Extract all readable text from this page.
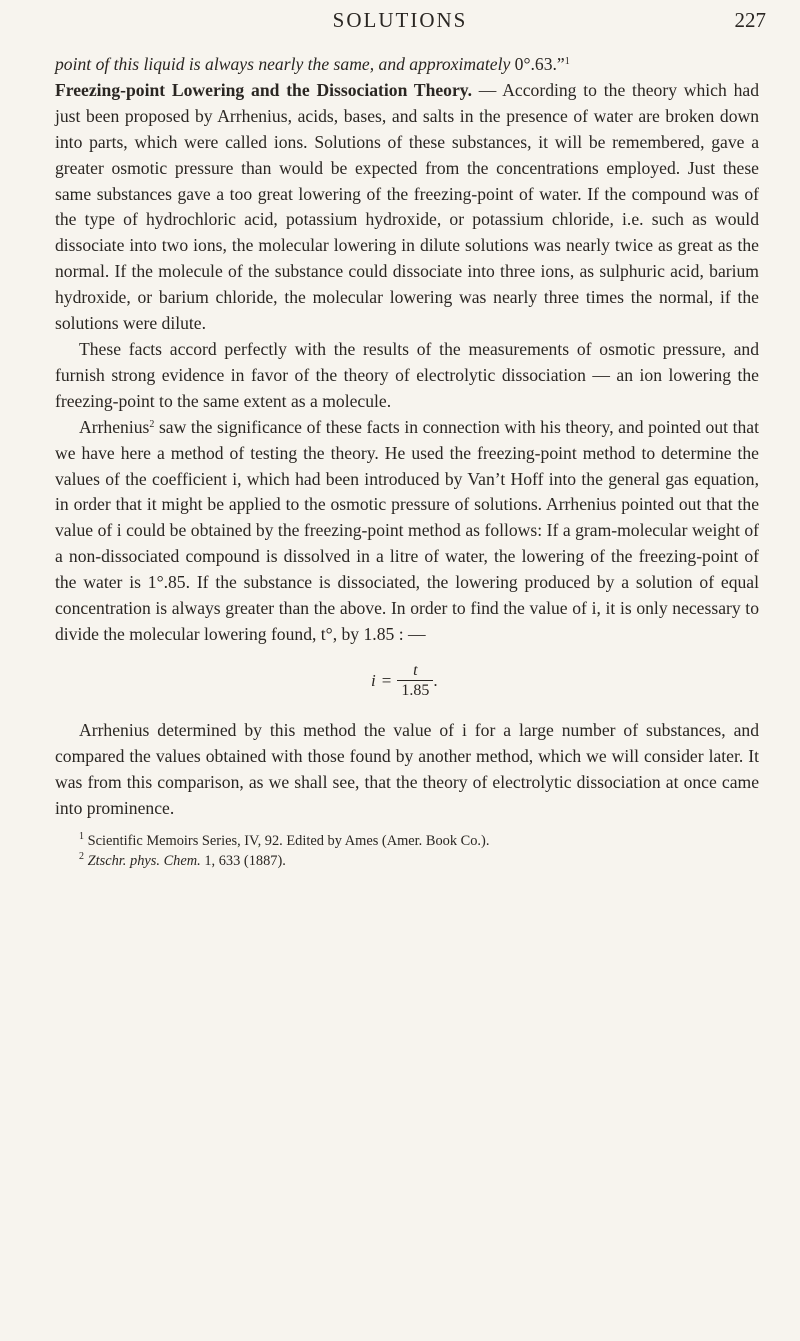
SOLUTIONS	227

point of this liquid is always nearly the same, and approximately 0°.63.”$^1$

Freezing-point Lowering and the Dissociation Theory. — According to the theory which had just been proposed by Arrhenius, acids, bases, and salts in the presence of water are broken down into parts, which were called ions. Solutions of these substances, it will be remembered, gave a greater osmotic pressure than would be expected from the concentrations employed. Just these same substances gave a too great lowering of the freezing-point of water. If the compound was of the type of hydrochloric acid, potassium hydroxide, or potassium chloride, i.e. such as would dissociate into two ions, the molecular lowering in dilute solutions was nearly twice as great as the normal. If the molecule of the substance could dissociate into three ions, as sulphuric acid, barium hydroxide, or barium chloride, the molecular lowering was nearly three times the normal, if the solutions were dilute.

These facts accord perfectly with the results of the measurements of osmotic pressure, and furnish strong evidence in favor of the theory of electrolytic dissociation — an ion lowering the freezing-point to the same extent as a molecule.

Arrhenius$^2$ saw the significance of these facts in connection with his theory, and pointed out that we have here a method of testing the theory. He used the freezing-point method to determine the values of the coefficient i, which had been introduced by Van’t Hoff into the general gas equation, in order that it might be applied to the osmotic pressure of solutions. Arrhenius pointed out that the value of i could be obtained by the freezing-point method as follows: If a gram-molecular weight of a non-dissociated compound is dissolved in a litre of water, the lowering of the freezing-point of the water is 1°.85. If the substance is dissociated, the lowering produced by a solution of equal concentration is always greater than the above. In order to find the value of i, it is only necessary to divide the molecular lowering found, t°, by 1.85 : —

$i = \frac{t}{1.85}$ .

Arrhenius determined by this method the value of i for a large number of substances, and compared the values obtained with those found by another method, which we will consider later. It was from this comparison, as we shall see, that the theory of electrolytic dissociation at once came into prominence.

$^1$ Scientific Memoirs Series, IV, 92. Edited by Ames (Amer. Book Co.).

$^2$ Ztschr. phys. Chem. 1, 633 (1887).
